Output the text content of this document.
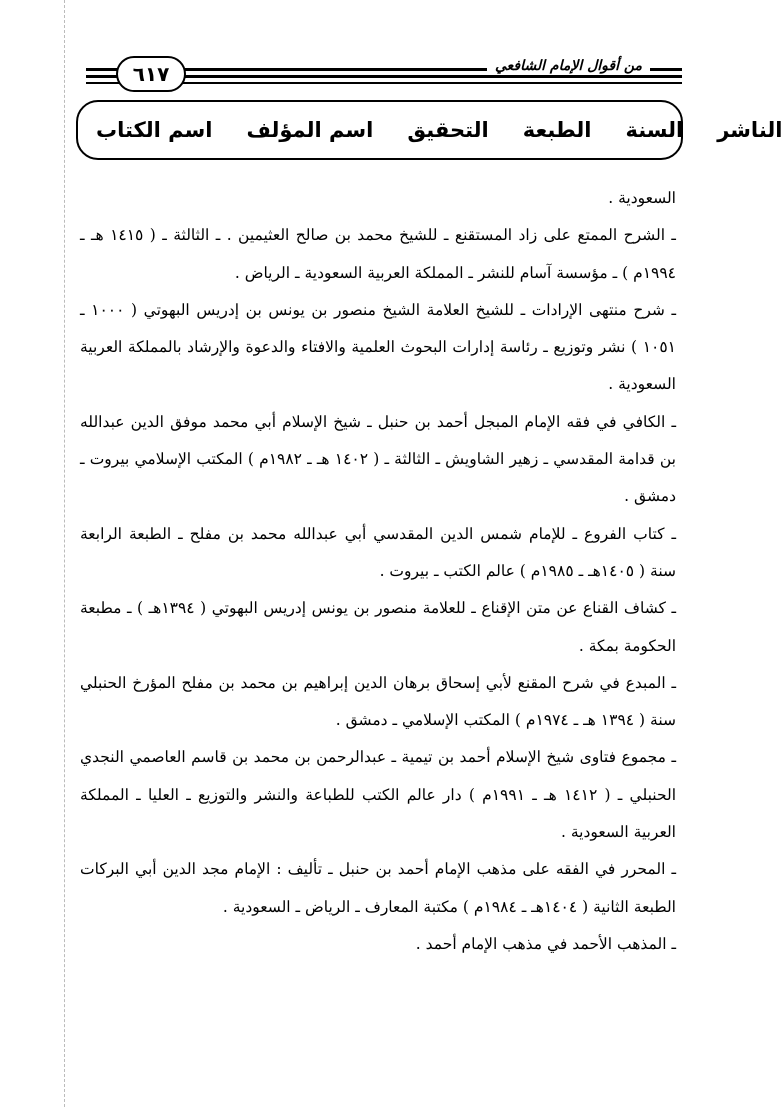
٦١٧	من أقوال الإمام الشافعي
اسم الكتاب اسم المؤلف التحقيق الطبعة السنة الناشر

السعودية .

ـ الشرح الممتع على زاد المستقنع ـ للشيخ محمد بن صالح العثيمين . ـ الثالثة ـ ( ١٤١٥ هـ ـ ١٩٩٤م ) ـ مؤسسة آسام للنشر ـ المملكة العربية السعودية ـ الرياض .

ـ شرح منتهى الإرادات ـ للشيخ العلامة الشيخ منصور بن يونس بن إدريس البهوتي ( ١٠٠٠ ـ ١٠٥١ ) نشر وتوزيع ـ رئاسة إدارات البحوث العلمية والافتاء والدعوة والإرشاد بالمملكة العربية السعودية .

ـ الكافي في فقه الإمام المبجل أحمد بن حنبل ـ شيخ الإسلام أبي محمد موفق الدين عبدالله بن قدامة المقدسي ـ زهير الشاويش ـ الثالثة ـ ( ١٤٠٢ هـ ـ ١٩٨٢م ) المكتب الإسلامي بيروت ـ دمشق .

ـ كتاب الفروع ـ للإمام شمس الدين المقدسي أبي عبدالله محمد بن مفلح ـ الطبعة الرابعة سنة ( ١٤٠٥هـ ـ ١٩٨٥م ) عالم الكتب ـ بيروت .

ـ كشاف القناع عن متن الإقناع ـ للعلامة منصور بن يونس إدريس البهوتي ( ١٣٩٤هـ ) ـ مطبعة الحكومة بمكة .

ـ المبدع في شرح المقنع لأبي إسحاق برهان الدين إبراهيم بن محمد بن مفلح المؤرخ الحنبلي سنة ( ١٣٩٤ هـ ـ ١٩٧٤م ) المكتب الإسلامي ـ دمشق .

ـ مجموع فتاوى شيخ الإسلام أحمد بن تيمية ـ عبدالرحمن بن محمد بن قاسم العاصمي النجدي الحنبلي ـ ( ١٤١٢ هـ ـ ١٩٩١م ) دار عالم الكتب للطباعة والنشر والتوزيع ـ العليا ـ المملكة العربية السعودية .

ـ المحرر في الفقه على مذهب الإمام أحمد بن حنبل ـ تأليف : الإمام مجد الدين أبي البركات الطبعة الثانية ( ١٤٠٤هـ ـ ١٩٨٤م ) مكتبة المعارف ـ الرياض ـ السعودية .

ـ المذهب الأحمد في مذهب الإمام أحمد .
